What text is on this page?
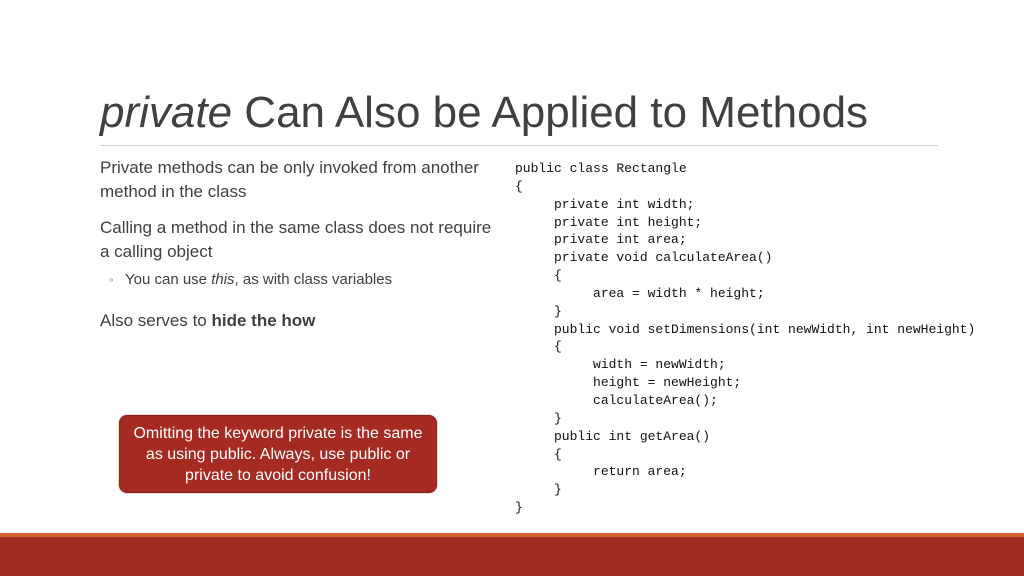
private Can Also be Applied to Methods

Private methods can be only invoked from another method in the class

Calling a method in the same class does not require a calling object

◦ You can use this, as with class variables

Also serves to hide the how

Omitting the keyword private is the same as using public. Always, use public or private to avoid confusion!
public class Rectangle
{
private int width;
private int height;
private int area;
private void calculateArea()
{
area = width * height;
}
public void setDimensions(int newWidth, int newHeight)
{
width = newWidth;
height = newHeight;
calculateArea();
}
public int getArea()
{
return area;
}
}
